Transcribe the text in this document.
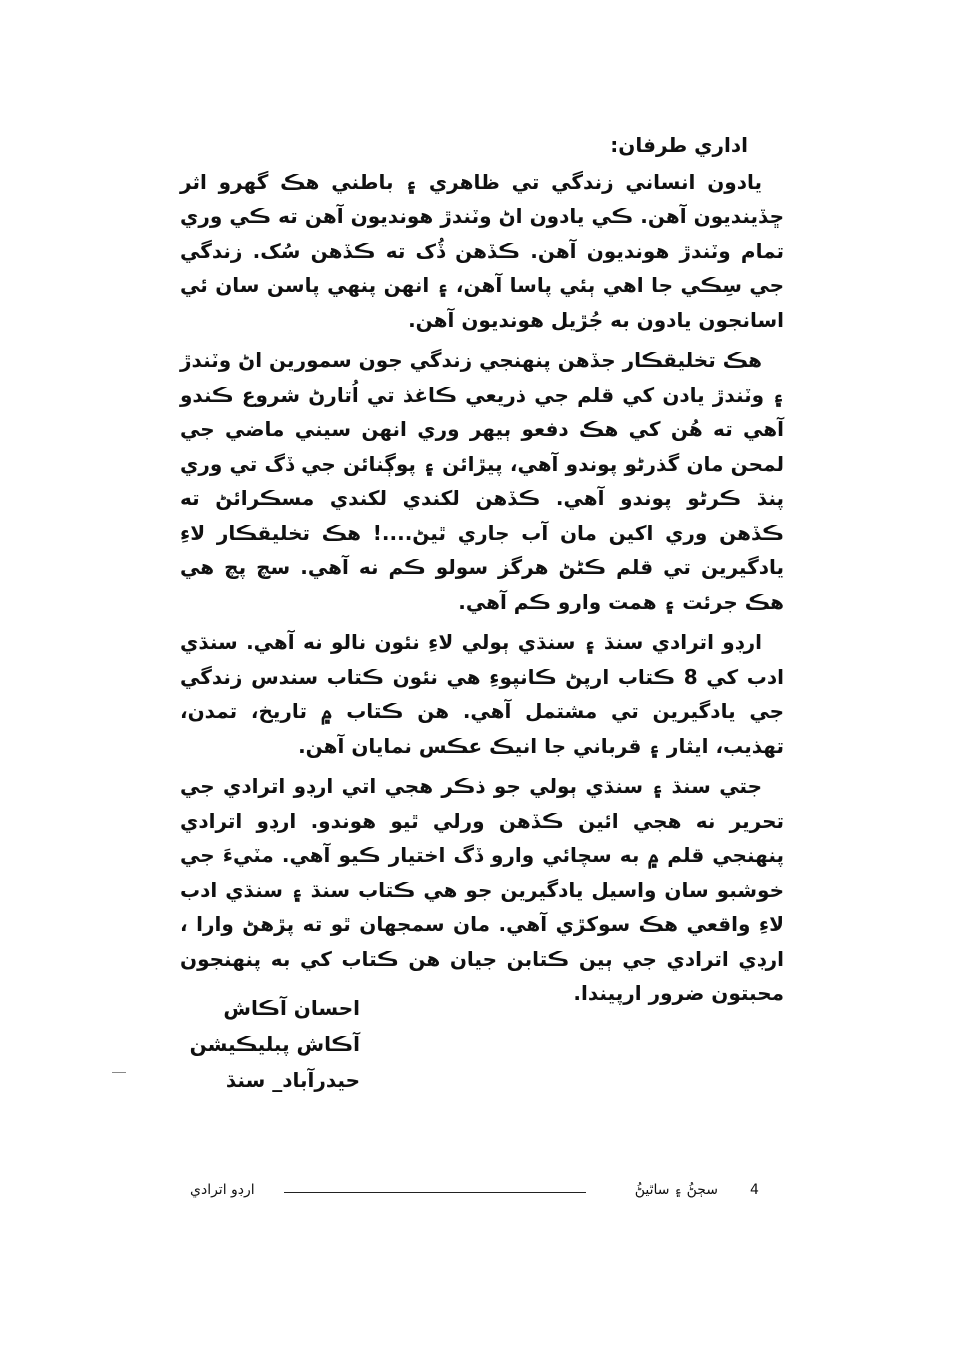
اداري طرفان:

يادون انساني زندگي تي ظاهري ۽ باطني هڪ گهرو اثر ڇڏينديون آهن. ڪي يادون اڻ وٽندڙ هونديون آهن ته ڪي وري تمام وٽندڙ هونديون آهن. ڪڏهن ڏُک ته ڪڏهن سُک. زندگي جي سِڪي جا اهي ٻئي پاسا آهن، ۽ انهن پنهي پاسن سان ئي اسانجون يادون به جُڙيل هونديون آهن.

هڪ تخليقڪار جڏهن پنهنجي زندگي جون سمورين اڻ وٽندڙ ۽ وٽندڙ يادن کي قلم جي ذريعي ڪاغذ تي اُتارڻ شروع ڪندو آهي ته هُن کي هڪ دفعو ٻيهر وري انهن سيني ماضي جي لمحن مان گذرڻو پوندو آهي، پيڙائن ۽ پوڳنائن جي ڏگ تي وري پنڌ ڪرڻو پوندو آهي. ڪڏهن لکندي لکندي مسڪرائڻ ته ڪڏهن وري اکين مان آب جاري ٿيڻ....! هڪ تخليقڪار لاءِ يادگيرين تي قلم ڪڻڻ هرگز سولو ڪم نه آهي. سچ پچ هي هڪ جرئت ۽ همت وارو ڪم آهي.

ارڊو اترادي سنڌ ۽ سنڌي ٻولي لاءِ نئون نالو نه آهي. سنڌي ادب کي 8 ڪتاب ارپڻ ڪانپوءِ هي نئون ڪتاب سندس زندگي جي يادگيرين تي مشتمل آهي. هن ڪتاب ۾ تاريخ، تمدن، تهذيب، ايثار ۽ قرباني جا انيڪ عڪس نمايان آهن.

جتي سنڌ ۽ سنڌي ٻولي جو ذڪر هجي اتي ارڊو اترادي جي تحرير نه هجي ائين ڪڏهن ورلي ٿيو هوندو. ارڊو اترادي پنهنجي قلم ۾ به سچائي وارو ڏگ اختيار ڪيو آهي. مٽيءَ جي خوشبو سان واسيل يادگيرين جو هي ڪتاب سنڌ ۽ سنڌي ادب لاءِ واقعي هڪ سوکڙي آهي. مان سمجهان ٿو ته پڙهڻ وارا ، ارڊي اترادي جي ٻين ڪتابن جيان هن ڪتاب کي به پنهنجون محبتون ضرور ارپيندا.

احسان آڪاش
آڪاش پبليڪيشن
حيدرآباد_ سنڌ
ارڊو اترادي	سڄڻُ ۽ ساٿيڻُ 4
